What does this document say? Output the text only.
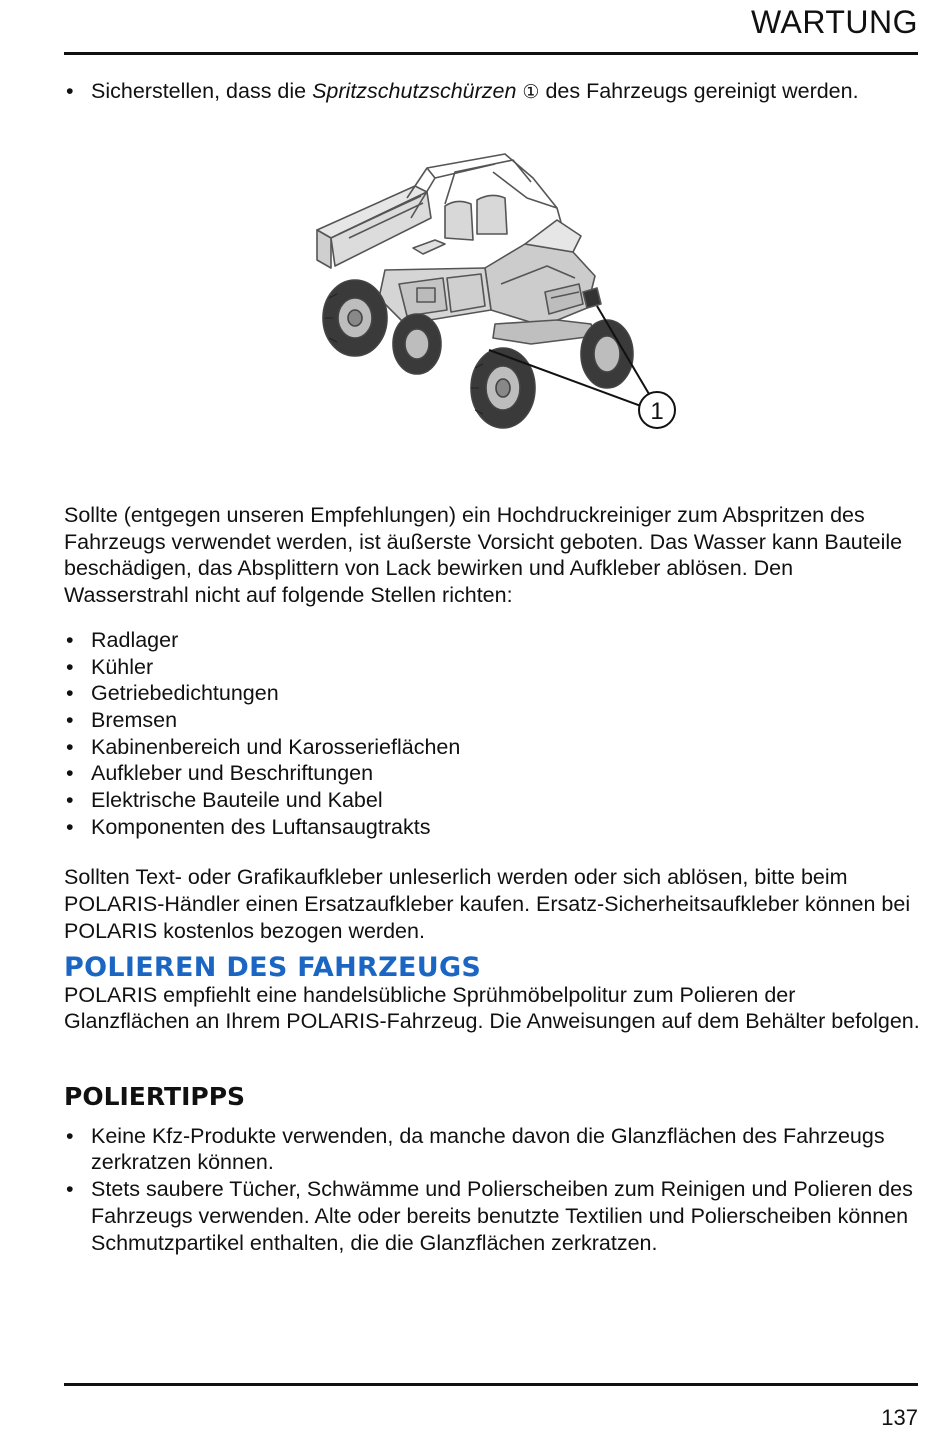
WARTUNG
• Sicherstellen, dass die Spritzschutzschürzen ① des Fahrzeugs gereinigt werden.
1

Sollte (entgegen unseren Empfehlungen) ein Hochdruckreiniger zum Abspritzen des Fahrzeugs verwendet werden, ist äußerste Vorsicht geboten. Das Wasser kann Bauteile beschädigen, das Absplittern von Lack bewirken und Aufkleber ablösen. Den Wasserstrahl nicht auf folgende Stellen richten:

• Radlager
• Kühler
• Getriebedichtungen
• Bremsen
• Kabinenbereich und Karosserieflächen
• Aufkleber und Beschriftungen
• Elektrische Bauteile und Kabel
• Komponenten des Luftansaugtrakts

Sollten Text- oder Grafikaufkleber unleserlich werden oder sich ablösen, bitte beim POLARIS-Händler einen Ersatzaufkleber kaufen. Ersatz-Sicherheitsaufkleber können bei POLARIS kostenlos bezogen werden.

POLIEREN DES FAHRZEUGS

POLARIS empfiehlt eine handelsübliche Sprühmöbelpolitur zum Polieren der Glanzflächen an Ihrem POLARIS-Fahrzeug. Die Anweisungen auf dem Behälter befolgen.

POLIERTIPPS
• Keine Kfz-Produkte verwenden, da manche davon die Glanzflächen des Fahrzeugs zerkratzen können.
• Stets saubere Tücher, Schwämme und Polierscheiben zum Reinigen und Polieren des Fahrzeugs verwenden. Alte oder bereits benutzte Textilien und Polierscheiben können Schmutzpartikel enthalten, die die Glanzflächen zerkratzen.
137
